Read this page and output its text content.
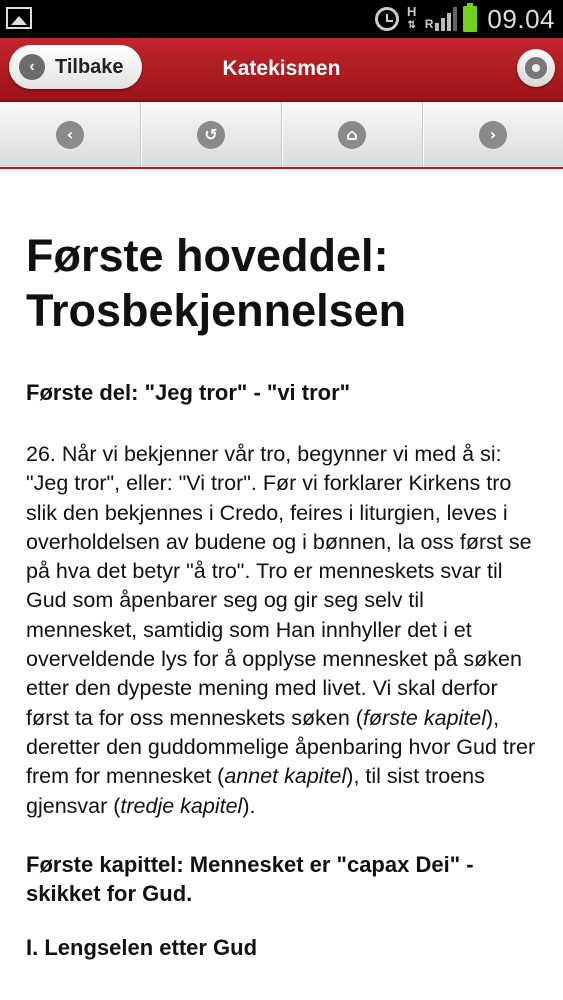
H
⇅ R 09.04
‹	Tilbake	Katekismen
‹	↺	⌂	›
Første hoveddel: Trosbekjennelsen
Første del: "Jeg tror" - "vi tror"

26. Når vi bekjenner vår tro, begynner vi med å si: "Jeg tror", eller: "Vi tror". Før vi forklarer Kirkens tro slik den bekjennes i Credo, feires i liturgien, leves i overholdelsen av budene og i bønnen, la oss først se på hva det betyr "å tro". Tro er menneskets svar til Gud som åpenbarer seg og gir seg selv til mennesket, samtidig som Han innhyller det i et overveldende lys for å opplyse mennesket på søken etter den dypeste mening med livet. Vi skal derfor først ta for oss menneskets søken (første kapitel), deretter den guddommelige åpenbaring hvor Gud trer frem for mennesket (annet kapitel), til sist troens gjensvar (tredje kapitel).

Første kapittel: Mennesket er "capax Dei" - skikket for Gud.
I. Lengselen etter Gud
